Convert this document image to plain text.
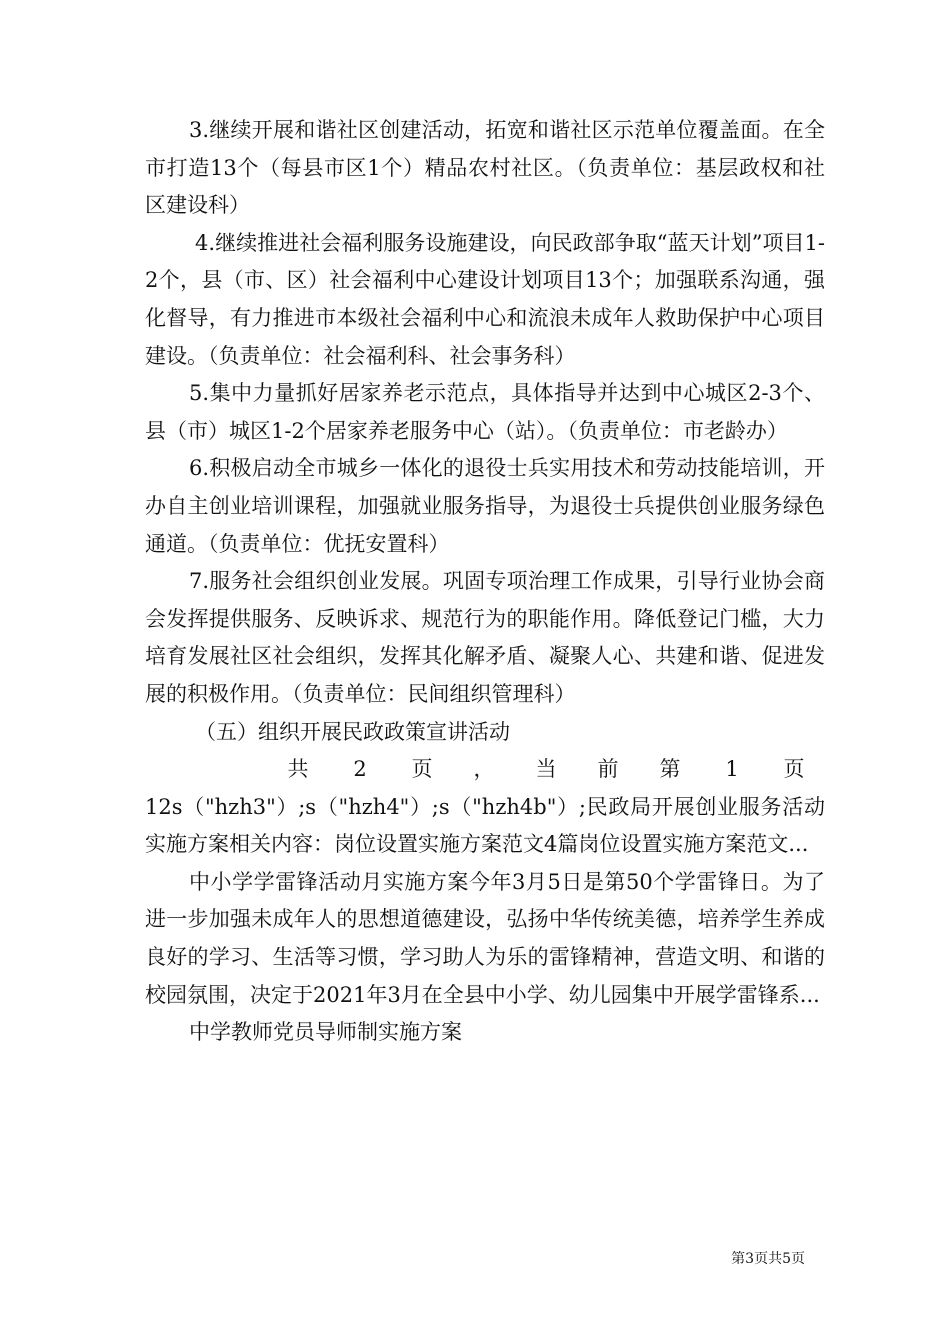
3.继续开展和谐社区创建活动，拓宽和谐社区示范单位覆盖面。在全市打造13个（每县市区1个）精品农村社区。（负责单位：基层政权和社区建设科）

4.继续推进社会福利服务设施建设，向民政部争取“蓝天计划”项目1-2个，县（市、区）社会福利中心建设计划项目13个；加强联系沟通，强化督导，有力推进市本级社会福利中心和流浪未成年人救助保护中心项目建设。（负责单位：社会福利科、社会事务科）

5.集中力量抓好居家养老示范点，具体指导并达到中心城区2-3个、县（市）城区1-2个居家养老服务中心（站）。（负责单位：市老龄办）

6.积极启动全市城乡一体化的退役士兵实用技术和劳动技能培训，开办自主创业培训课程，加强就业服务指导，为退役士兵提供创业服务绿色通道。（负责单位：优抚安置科）

7.服务社会组织创业发展。巩固专项治理工作成果，引导行业协会商会发挥提供服务、反映诉求、规范行为的职能作用。降低登记门槛，大力培育发展社区社会组织，发挥其化解矛盾、凝聚人心、共建和谐、促进发展的积极作用。（负责单位：民间组织管理科）

（五）组织开展民政政策宣讲活动

共	2	页	，	当	前	第	1	页

12s（"hzh3"）;s（"hzh4"）;s（"hzh4b"）;民政局开展创业服务活动实施方案相关内容：岗位设置实施方案范文4篇岗位设置实施方案范文...

中小学学雷锋活动月实施方案今年3月5日是第50个学雷锋日。为了进一步加强未成年人的思想道德建设，弘扬中华传统美德，培养学生养成良好的学习、生活等习惯，学习助人为乐的雷锋精神，营造文明、和谐的校园氛围，决定于2021年3月在全县中小学、幼儿园集中开展学雷锋系...

中学教师党员导师制实施方案

第3页共5页
